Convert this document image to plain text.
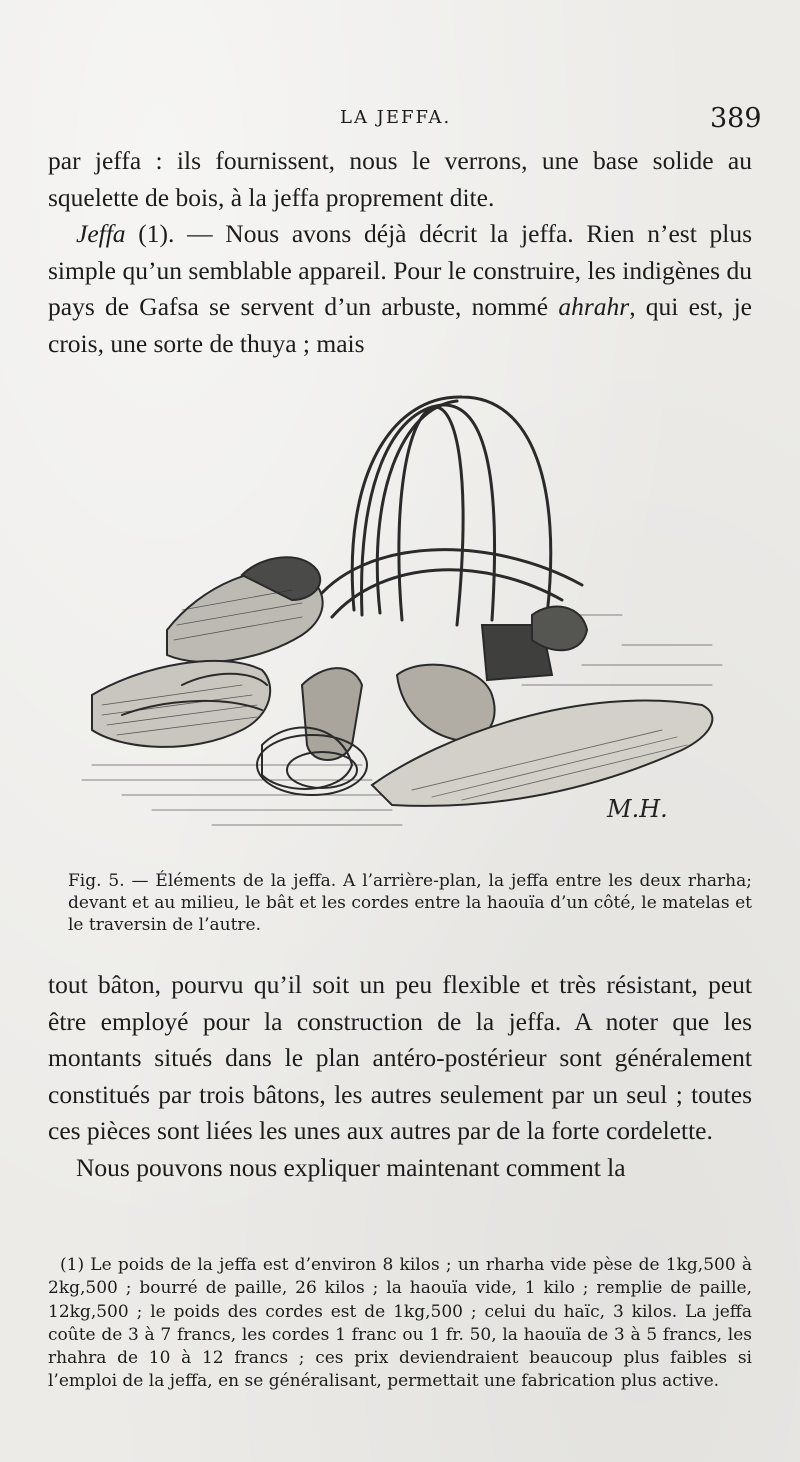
LA JEFFA.	389

par jeffa : ils fournissent, nous le verrons, une base solide au squelette de bois, à la jeffa proprement dite.

Jeffa (1). — Nous avons déjà décrit la jeffa. Rien n’est plus simple qu’un semblable appareil. Pour le construire, les indigènes du pays de Gafsa se servent d’un arbuste, nommé ahrahr, qui est, je crois, une sorte de thuya ; mais

M.H.
Fig. 5. — Éléments de la jeffa. A l’arrière-plan, la jeffa entre les deux rharha; devant et au milieu, le bât et les cordes entre la haouïa d’un côté, le matelas et le traversin de l’autre.

tout bâton, pourvu qu’il soit un peu flexible et très résistant, peut être employé pour la construction de la jeffa. A noter que les montants situés dans le plan antéro-postérieur sont généralement constitués par trois bâtons, les autres seulement par un seul ; toutes ces pièces sont liées les unes aux autres par de la forte cordelette.

Nous pouvons nous expliquer maintenant comment la

(1) Le poids de la jeffa est d’environ 8 kilos ; un rharha vide pèse de 1kg,500 à 2kg,500 ; bourré de paille, 26 kilos ; la haouïa vide, 1 kilo ; remplie de paille, 12kg,500 ; le poids des cordes est de 1kg,500 ; celui du haïc, 3 kilos. La jeffa coûte de 3 à 7 francs, les cordes 1 franc ou 1 fr. 50, la haouïa de 3 à 5 francs, les rhahra de 10 à 12 francs ; ces prix deviendraient beaucoup plus faibles si l’emploi de la jeffa, en se généralisant, permettait une fabrication plus active.
